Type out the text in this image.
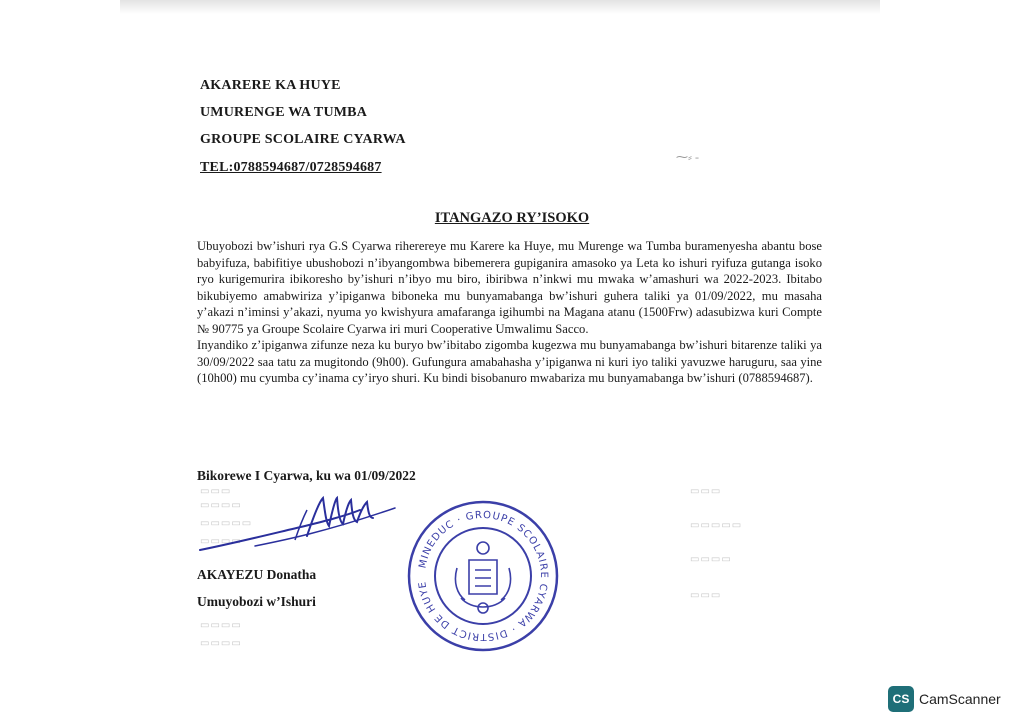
AKARERE KA HUYE
UMURENGE WA TUMBA
GROUPE SCOLAIRE CYARWA
TEL:0788594687/0728594687
⁓⸗ -
ITANGAZO RY’ISOKO

Ubuyobozi bw’ishuri rya G.S Cyarwa riherereye mu Karere ka Huye, mu Murenge wa Tumba buramenyesha abantu bose babyifuza, babifitiye ubushobozi n’ibyangombwa bibemerera gupiganira amasoko ya Leta ko ishuri ryifuza gutanga isoko ryo kurigemurira ibikoresho by’ishuri n’ibyo mu biro, ibiribwa n’inkwi mu mwaka w’amashuri wa 2022-2023. Ibitabo bikubiyemo amabwiriza y’ipiganwa biboneka mu bunyamabanga bw’ishuri guhera taliki ya 01/09/2022, mu masaha y’akazi n’iminsi y’akazi, nyuma yo kwishyura amafaranga igihumbi na Magana atanu (1500Frw) adasubizwa kuri Compte № 90775 ya Groupe Scolaire Cyarwa iri muri Cooperative Umwalimu Sacco.

Inyandiko z’ipiganwa zifunze neza ku buryo bw’ibitabo zigomba kugezwa mu bunyamabanga bw’ishuri bitarenze taliki ya 30/09/2022 saa tatu za mugitondo (9h00). Gufungura amabahasha y’ipiganwa ni kuri iyo taliki yavuzwe haruguru, saa yine (10h00) mu cyumba cy’inama cy’iryo shuri. Ku bindi bisobanuro mwabariza mu bunyamabanga bw’ishuri (0788594687).

Bikorewe I Cyarwa, ku wa 01/09/2022
▭▭▭
▭▭▭▭
▭▭▭▭▭
▭▭▭▭
▭▭▭▭
▭▭▭▭
▭▭▭
▭▭▭▭▭
▭▭▭▭
▭▭▭
AKAYEZU Donatha
Umuyobozi w’Ishuri
MINEDUC · GROUPE SCOLAIRE CYARWA · DISTRICT DE HUYE
CS CamScanner
